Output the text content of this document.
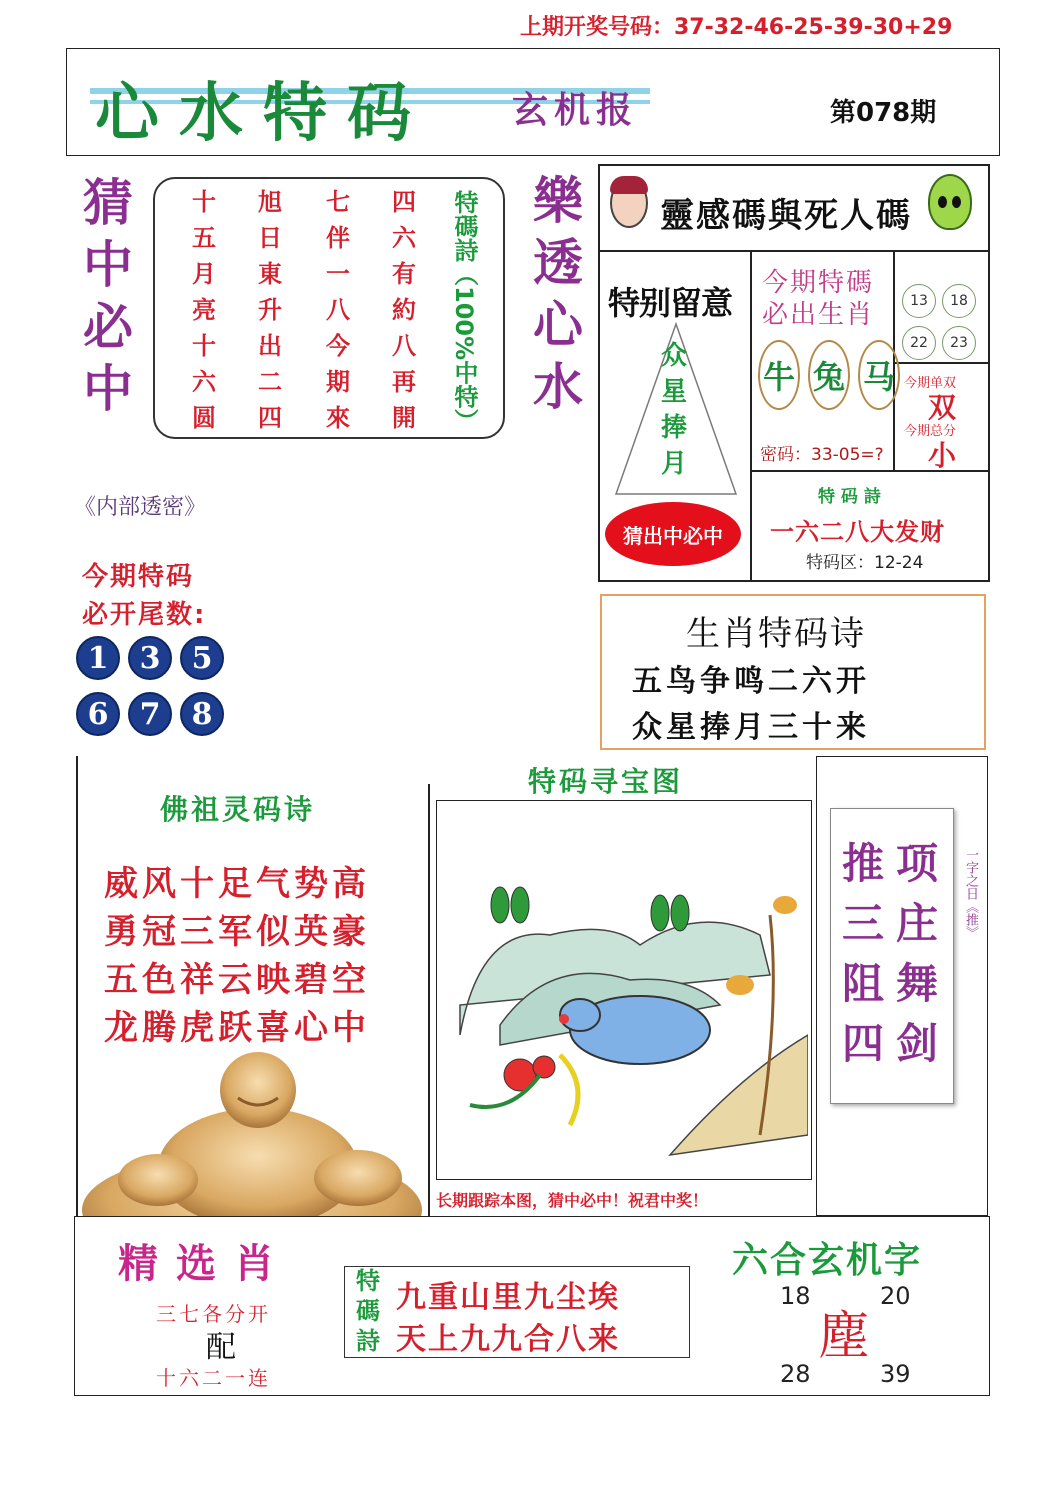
上期开奖号码：37-32-46-25-39-30+29
心水特码 玄机报	第078期
猜
中
必
中
十
五
月
亮
十
六
圆
旭
日
東
升
出
二
四
七
伴
一
八
今
期
來
四
六
有
約
八
再
開 特碼詩（100%中特） 樂
透
心
水
靈感碼與死人碼
特别留意
众
星
捧
月
猜出中必中
今期特碼
必出生肖
牛 兔 马
密码：33-05=?
13	18
22	23
今期单双
双
今期总分
小
特 码 詩
一六二八大发财
特码区：12-24
《内部透密》
今期特码
必开尾数:
1	3	5
6	7	8
生肖特码诗
五鸟争鸣二六开
众星捧月三十来
佛祖灵码诗
威风十足气势高
勇冠三军似英豪
五色祥云映碧空
龙腾虎跃喜心中
特码寻宝图
长期跟踪本图，猜中必中！祝君中奖！
推
三
阻
四
项
庄
舞
剑
一字之日《推》
精选肖
三七各分开
配
十六二一连
特
碼
詩
九重山里九尘埃
天上九九合八来
六合玄机字
18	20
塵
28	39
